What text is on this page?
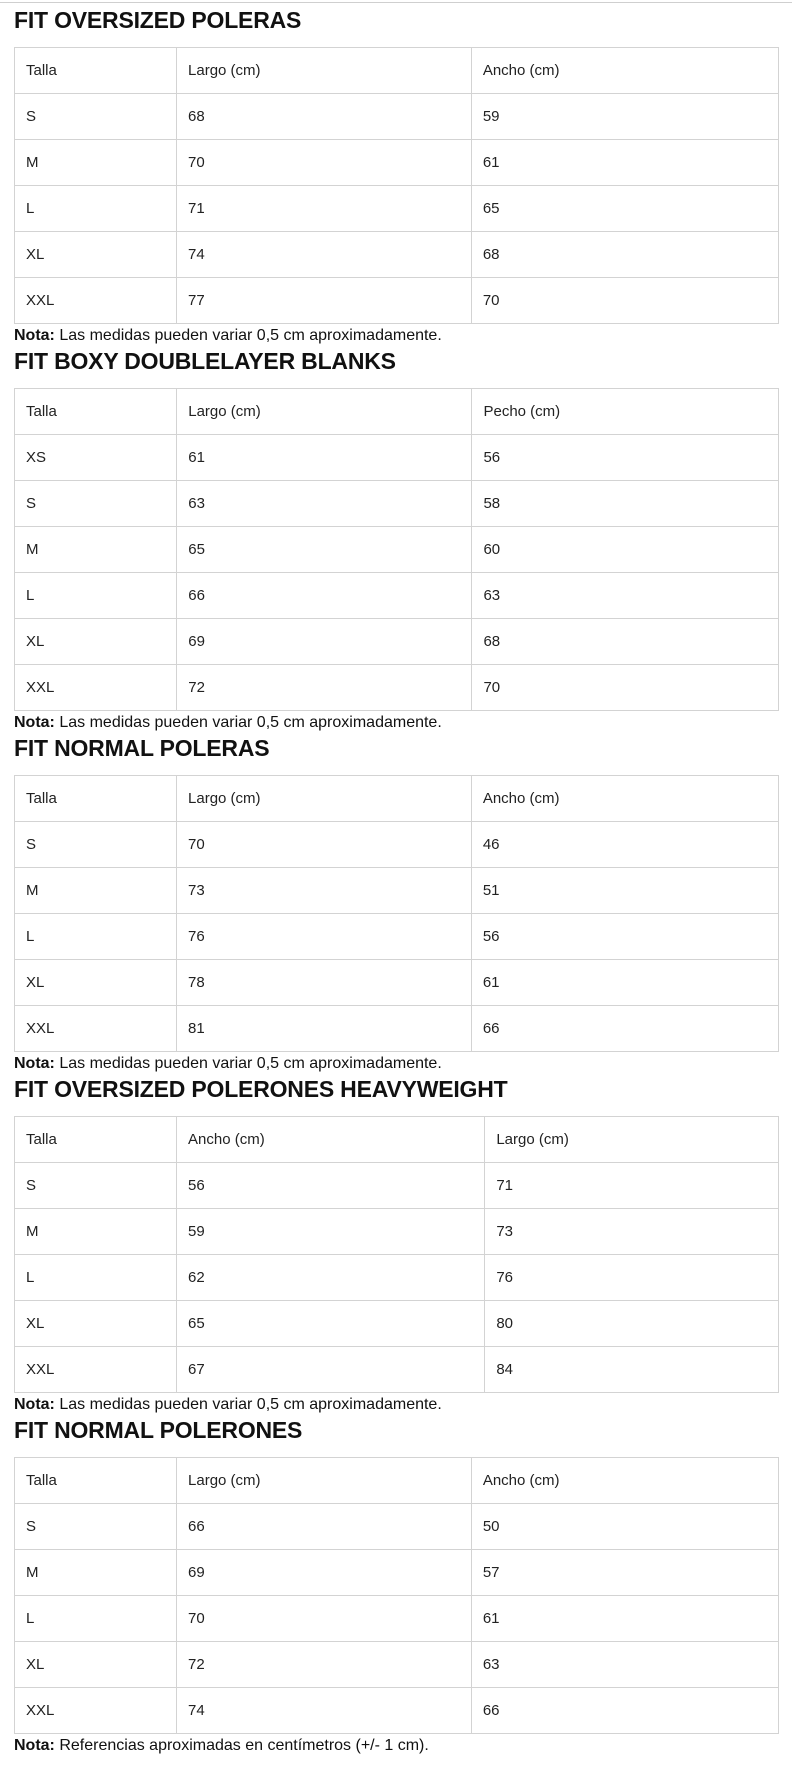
FIT OVERSIZED POLERAS
Talla	Largo (cm)	Ancho (cm)
S	68	59
M	70	61
L	71	65
XL	74	68
XXL	77	70

Nota: Las medidas pueden variar 0,5 cm aproximadamente.

FIT BOXY DOUBLELAYER BLANKS
Talla	Largo (cm)	Pecho (cm)
XS	61	56
S	63	58
M	65	60
L	66	63
XL	69	68
XXL	72	70

Nota: Las medidas pueden variar 0,5 cm aproximadamente.

FIT NORMAL POLERAS
Talla	Largo (cm)	Ancho (cm)
S	70	46
M	73	51
L	76	56
XL	78	61
XXL	81	66

Nota: Las medidas pueden variar 0,5 cm aproximadamente.

FIT OVERSIZED POLERONES HEAVYWEIGHT
Talla	Ancho (cm)	Largo (cm)
S	56	71
M	59	73
L	62	76
XL	65	80
XXL	67	84

Nota: Las medidas pueden variar 0,5 cm aproximadamente.

FIT NORMAL POLERONES
Talla	Largo (cm)	Ancho (cm)
S	66	50
M	69	57
L	70	61
XL	72	63
XXL	74	66

Nota: Referencias aproximadas en centímetros (+/- 1 cm).
